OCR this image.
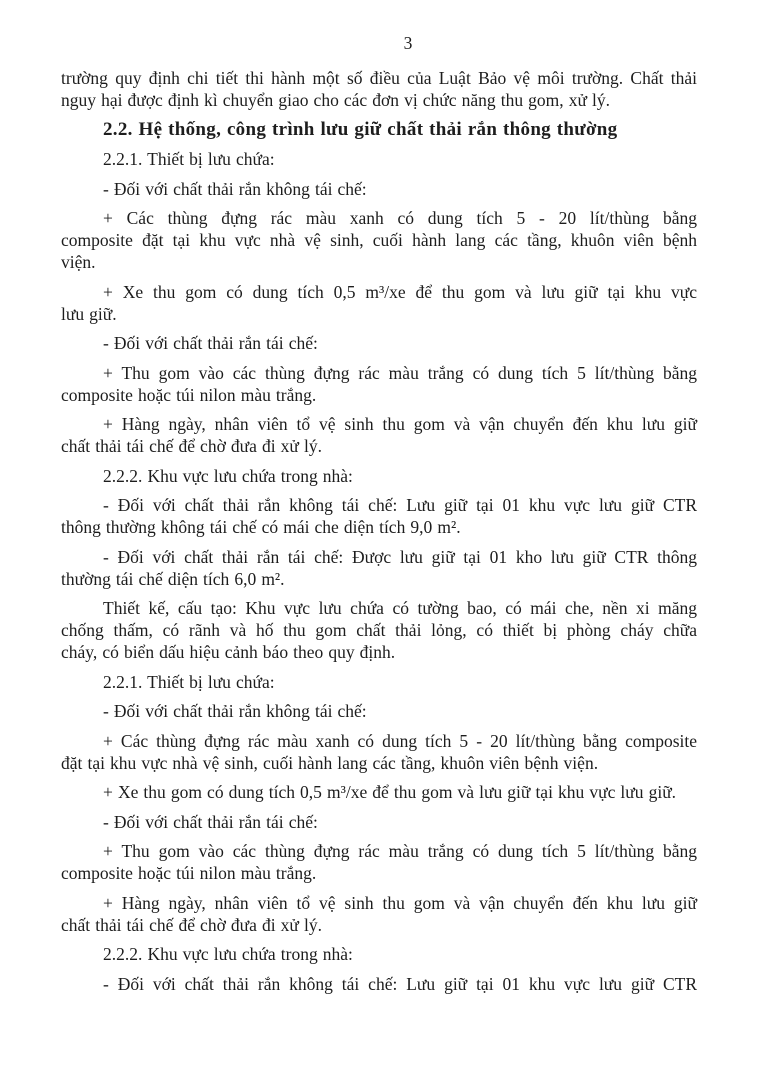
3
trường quy định chi tiết thi hành một số điều của Luật Bảo vệ môi trường. Chất thải
nguy hại được định kì chuyển giao cho các đơn vị chức năng thu gom, xử lý.
2.2. Hệ thống, công trình lưu giữ chất thải rắn thông thường
2.2.1. Thiết bị lưu chứa:
- Đối với chất thải rắn không tái chế:
+ Các thùng đựng rác màu xanh có dung tích 5 - 20 lít/thùng bằng
composite đặt tại khu vực nhà vệ sinh, cuối hành lang các tầng, khuôn viên bệnh
viện.
+ Xe thu gom có dung tích 0,5 m³/xe để thu gom và lưu giữ tại khu vực
lưu giữ.
- Đối với chất thải rắn tái chế:
+ Thu gom vào các thùng đựng rác màu trắng có dung tích 5 lít/thùng bằng
composite hoặc túi nilon màu trắng.
+ Hàng ngày, nhân viên tổ vệ sinh thu gom và vận chuyển đến khu lưu giữ
chất thải tái chế để chờ đưa đi xử lý.
2.2.2. Khu vực lưu chứa trong nhà:
- Đối với chất thải rắn không tái chế: Lưu giữ tại 01 khu vực lưu giữ CTR
thông thường không tái chế có mái che diện tích 9,0 m².
- Đối với chất thải rắn tái chế: Được lưu giữ tại 01 kho lưu giữ CTR thông
thường tái chế diện tích 6,0 m².
Thiết kế, cấu tạo: Khu vực lưu chứa có tường bao, có mái che, nền xi măng
chống thấm, có rãnh và hố thu gom chất thải lỏng, có thiết bị phòng cháy chữa
cháy, có biển dấu hiệu cảnh báo theo quy định.
2.2.1. Thiết bị lưu chứa:
- Đối với chất thải rắn không tái chế:
+ Các thùng đựng rác màu xanh có dung tích 5 - 20 lít/thùng bằng composite
đặt tại khu vực nhà vệ sinh, cuối hành lang các tầng, khuôn viên bệnh viện.
+ Xe thu gom có dung tích 0,5 m³/xe để thu gom và lưu giữ tại khu vực lưu giữ.
- Đối với chất thải rắn tái chế:
+ Thu gom vào các thùng đựng rác màu trắng có dung tích 5 lít/thùng bằng
composite hoặc túi nilon màu trắng.
+ Hàng ngày, nhân viên tổ vệ sinh thu gom và vận chuyển đến khu lưu giữ
chất thải tái chế để chờ đưa đi xử lý.
2.2.2. Khu vực lưu chứa trong nhà:
- Đối với chất thải rắn không tái chế: Lưu giữ tại 01 khu vực lưu giữ CTR
